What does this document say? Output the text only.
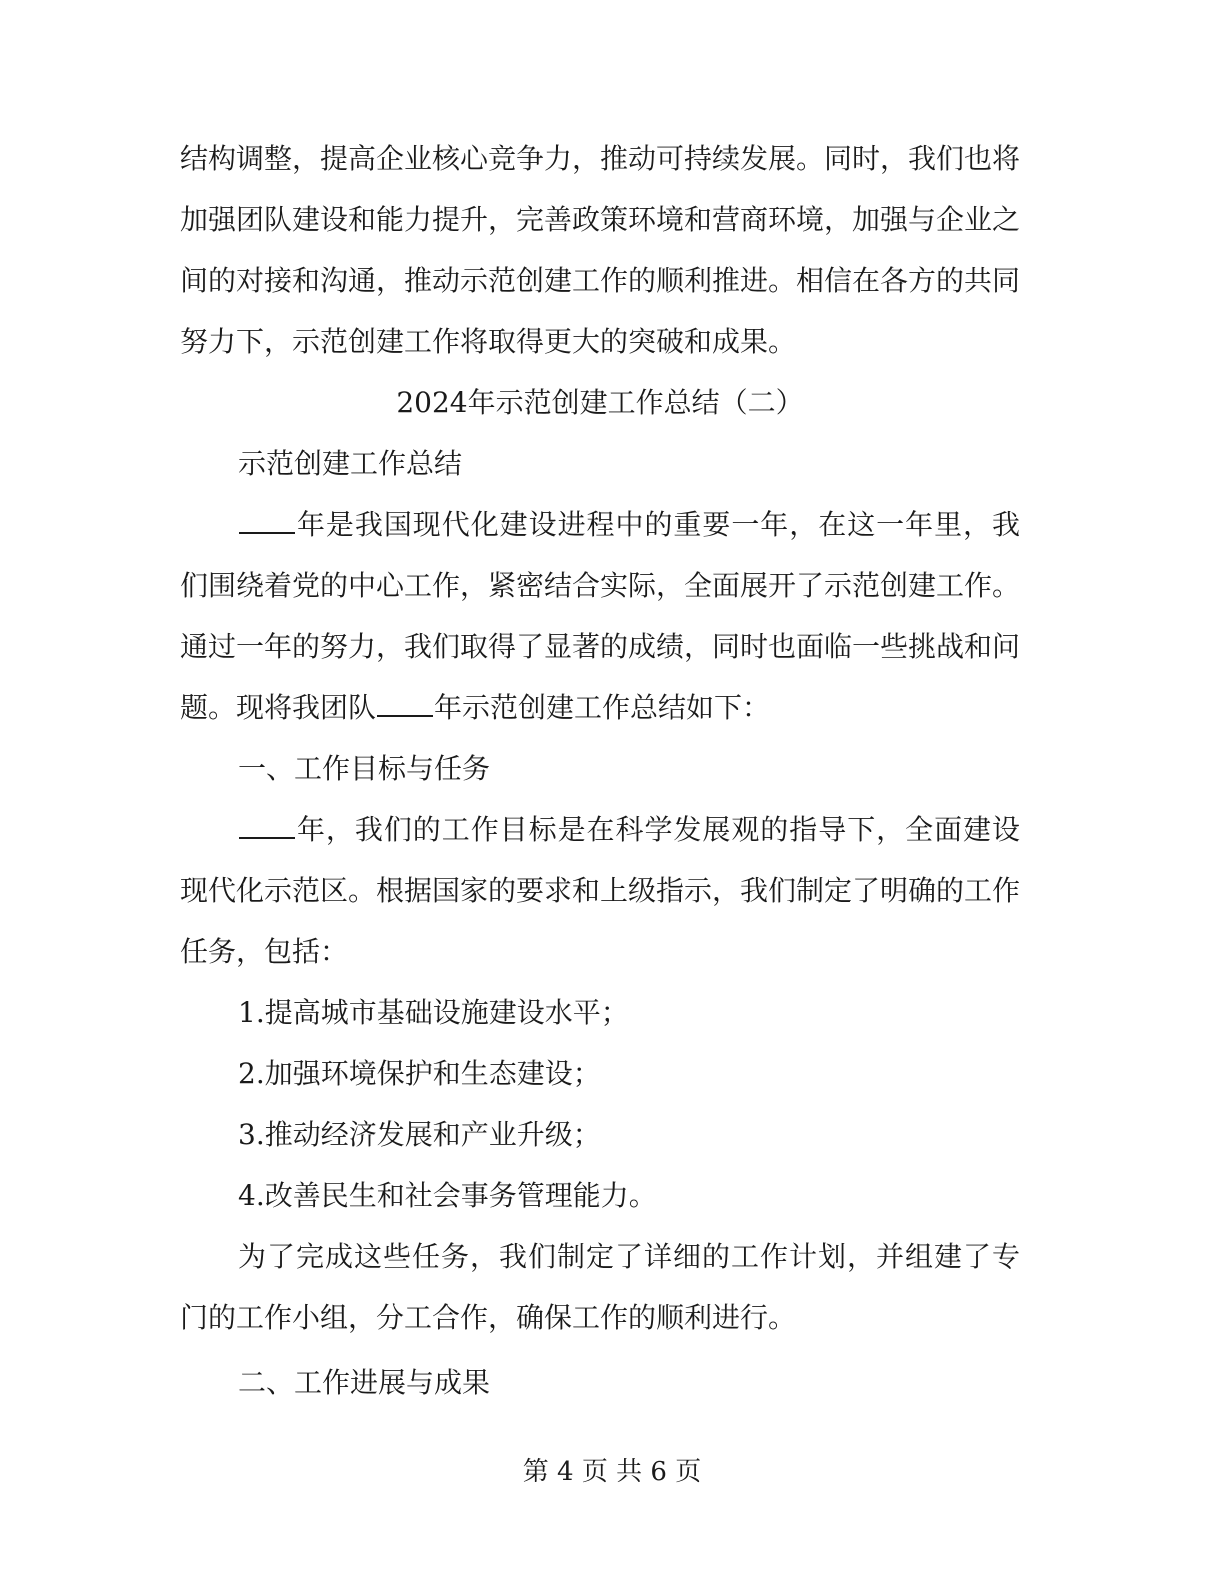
结构调整，提高企业核心竞争力，推动可持续发展。同时，我们也将加强团队建设和能力提升，完善政策环境和营商环境，加强与企业之间的对接和沟通，推动示范创建工作的顺利推进。相信在各方的共同努力下，示范创建工作将取得更大的突破和成果。

2024年示范创建工作总结（二）

示范创建工作总结

年是我国现代化建设进程中的重要一年，在这一年里，我们围绕着党的中心工作，紧密结合实际，全面展开了示范创建工作。通过一年的努力，我们取得了显著的成绩，同时也面临一些挑战和问题。现将我团队 年示范创建工作总结如下：

一、工作目标与任务

年，我们的工作目标是在科学发展观的指导下，全面建设现代化示范区。根据国家的要求和上级指示，我们制定了明确的工作任务，包括：

1.提高城市基础设施建设水平；

2.加强环境保护和生态建设；

3.推动经济发展和产业升级；

4.改善民生和社会事务管理能力。

为了完成这些任务，我们制定了详细的工作计划，并组建了专门的工作小组，分工合作，确保工作的顺利进行。

二、工作进展与成果

第 4 页 共 6 页
